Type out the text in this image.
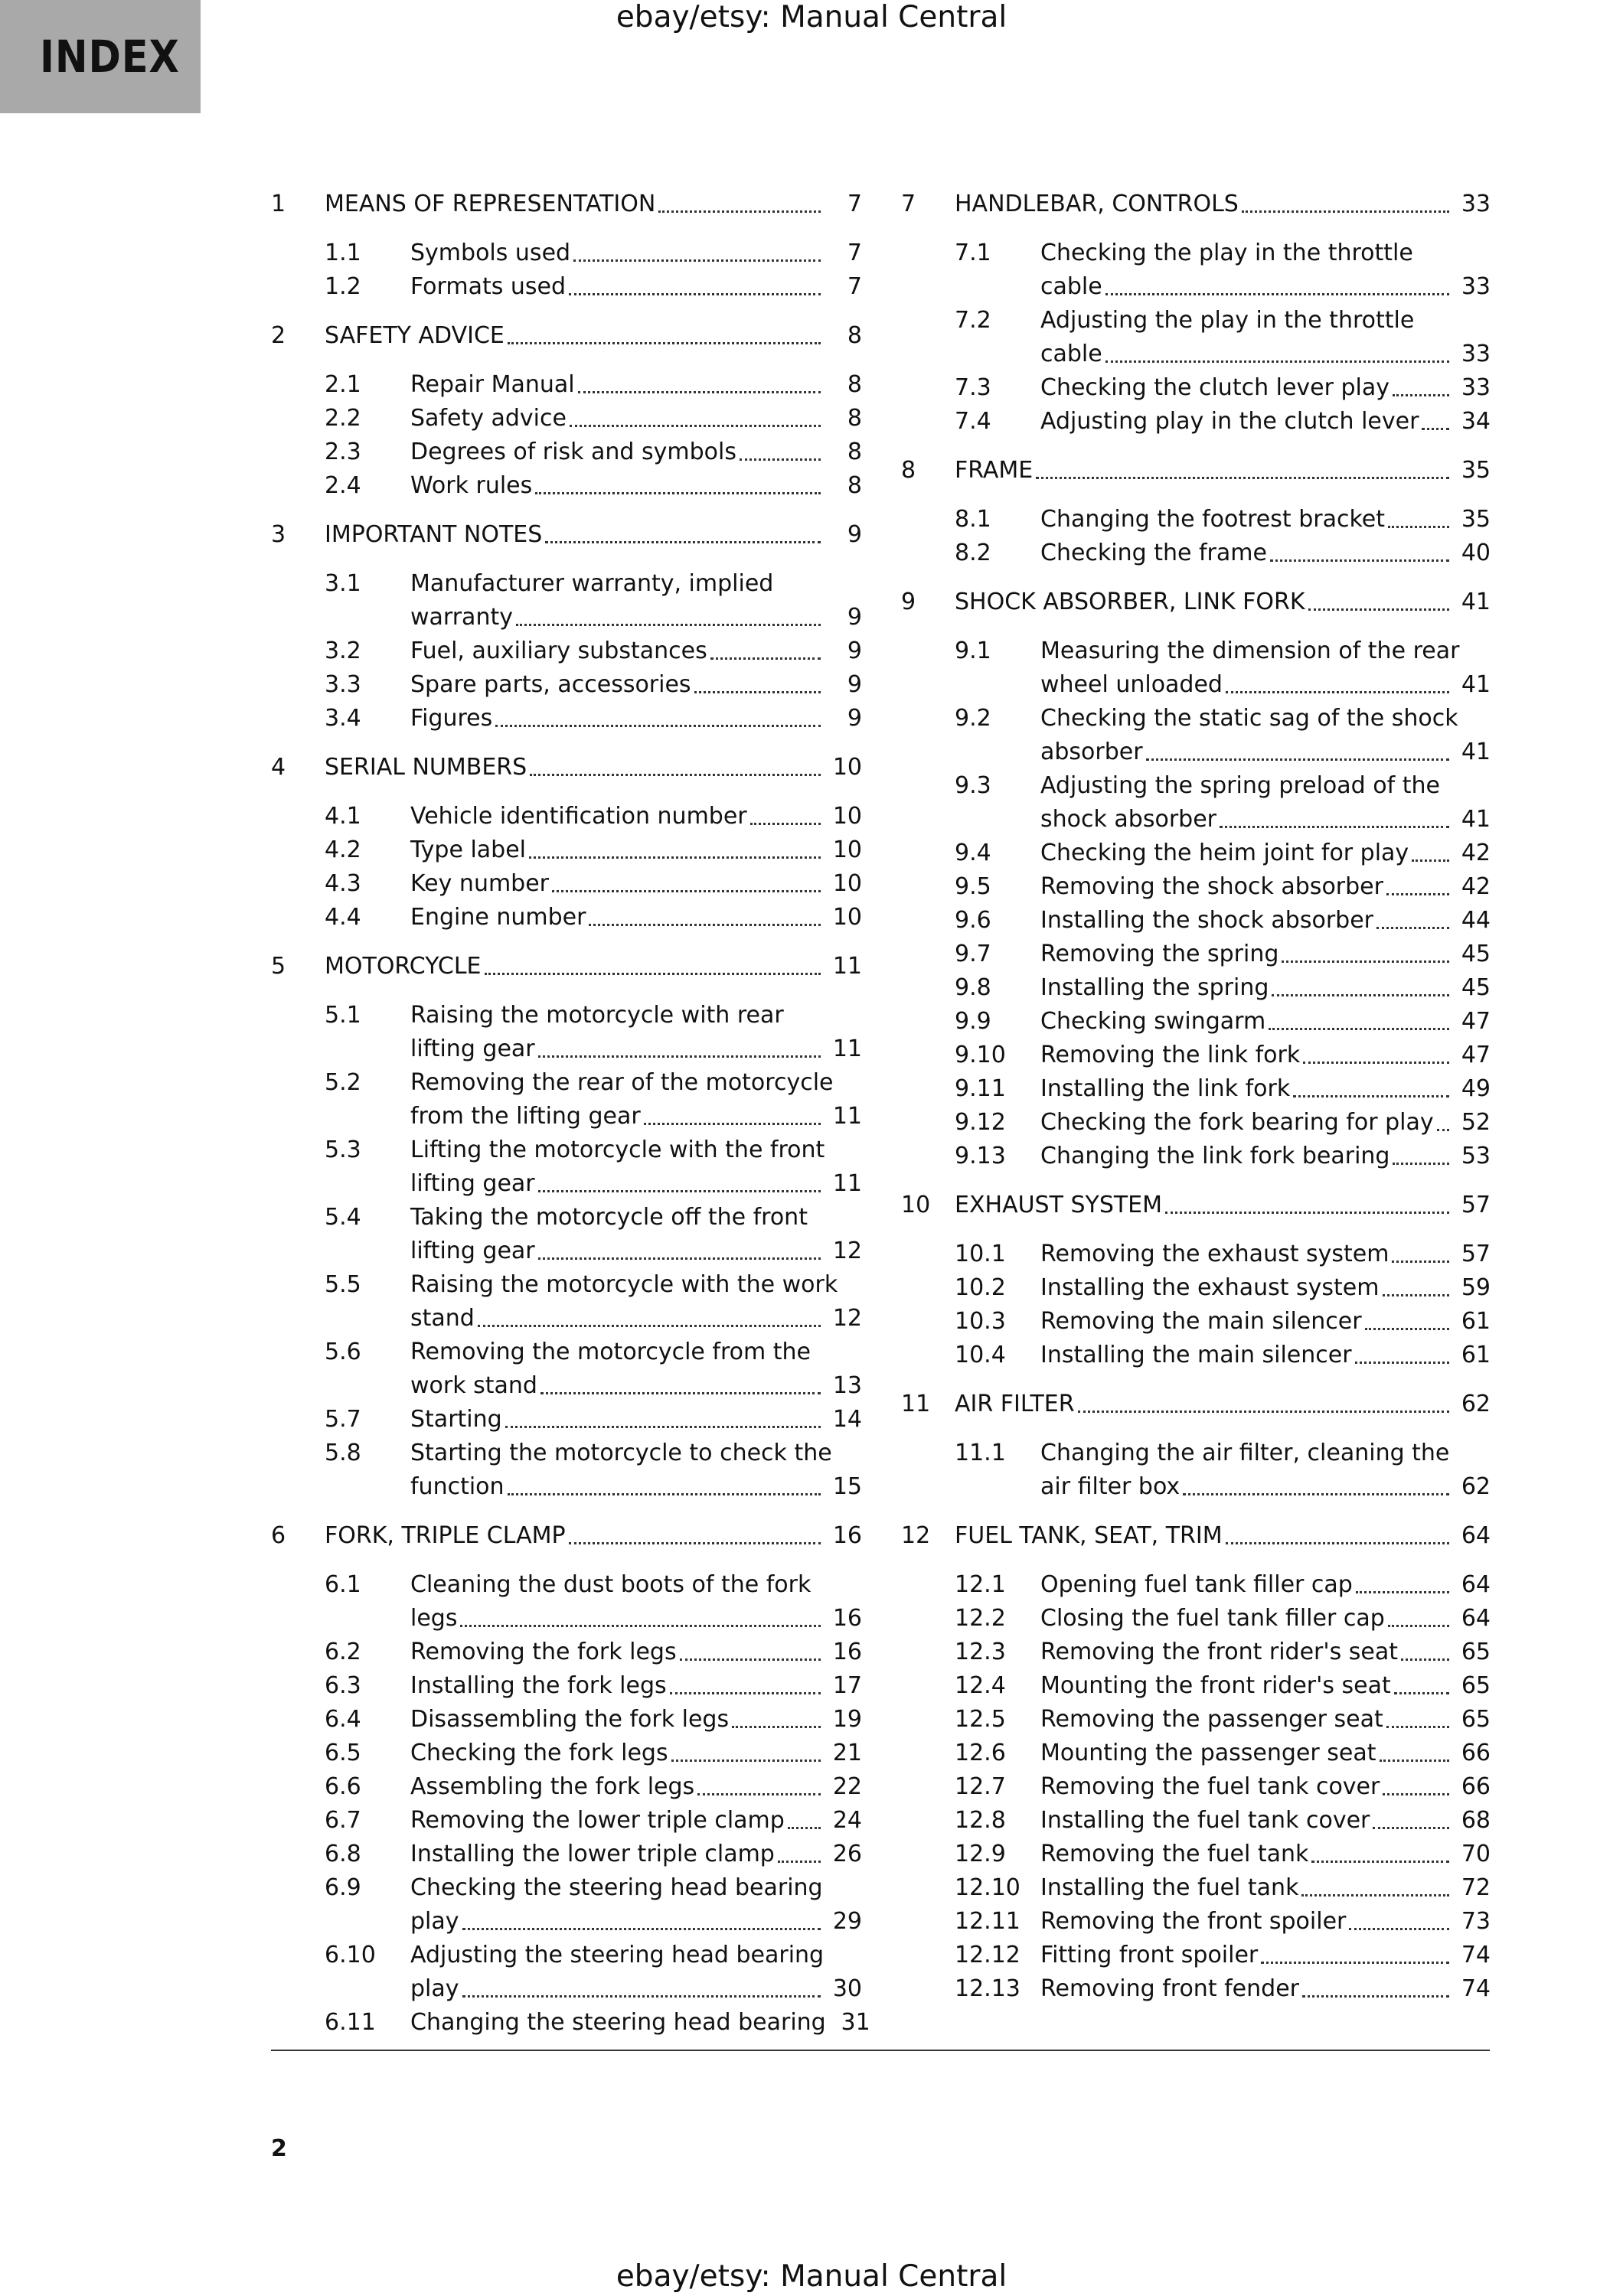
ebay/etsy: Manual Central
INDEX
1	MEANS OF REPRESENTATION	7
1.1	Symbols used	7
1.2	Formats used	7
2	SAFETY ADVICE	8
2.1	Repair Manual	8
2.2	Safety advice	8
2.3	Degrees of risk and symbols	8
2.4	Work rules	8
3	IMPORTANT NOTES	9
3.1	Manufacturer warranty, implied
warranty	9
3.2	Fuel, auxiliary substances	9
3.3	Spare parts, accessories	9
3.4	Figures	9
4	SERIAL NUMBERS	10
4.1	Vehicle identification number	10
4.2	Type label	10
4.3	Key number	10
4.4	Engine number	10
5	MOTORCYCLE	11
5.1	Raising the motorcycle with rear
lifting gear	11
5.2	Removing the rear of the motorcycle
from the lifting gear	11
5.3	Lifting the motorcycle with the front
lifting gear	11
5.4	Taking the motorcycle off the front
lifting gear	12
5.5	Raising the motorcycle with the work
stand	12
5.6	Removing the motorcycle from the
work stand	13
5.7	Starting	14
5.8	Starting the motorcycle to check the
function	15
6	FORK, TRIPLE CLAMP	16
6.1	Cleaning the dust boots of the fork
legs	16
6.2	Removing the fork legs	16
6.3	Installing the fork legs	17
6.4	Disassembling the fork legs	19
6.5	Checking the fork legs	21
6.6	Assembling the fork legs	22
6.7	Removing the lower triple clamp	24
6.8	Installing the lower triple clamp	26
6.9	Checking the steering head bearing
play	29
6.10	Adjusting the steering head bearing
play	30
6.11	Changing the steering head bearing 31
7	HANDLEBAR, CONTROLS	33
7.1	Checking the play in the throttle
cable	33
7.2	Adjusting the play in the throttle
cable	33
7.3	Checking the clutch lever play	33
7.4	Adjusting play in the clutch lever	34
8	FRAME	35
8.1	Changing the footrest bracket	35
8.2	Checking the frame	40
9	SHOCK ABSORBER, LINK FORK	41
9.1	Measuring the dimension of the rear
wheel unloaded	41
9.2	Checking the static sag of the shock
absorber	41
9.3	Adjusting the spring preload of the
shock absorber	41
9.4	Checking the heim joint for play	42
9.5	Removing the shock absorber	42
9.6	Installing the shock absorber	44
9.7	Removing the spring	45
9.8	Installing the spring	45
9.9	Checking swingarm	47
9.10	Removing the link fork	47
9.11	Installing the link fork	49
9.12	Checking the fork bearing for play	52
9.13	Changing the link fork bearing	53
10	EXHAUST SYSTEM	57
10.1	Removing the exhaust system	57
10.2	Installing the exhaust system	59
10.3	Removing the main silencer	61
10.4	Installing the main silencer	61
11	AIR FILTER	62
11.1	Changing the air filter, cleaning the
air filter box	62
12	FUEL TANK, SEAT, TRIM	64
12.1	Opening fuel tank filler cap	64
12.2	Closing the fuel tank filler cap	64
12.3	Removing the front rider's seat	65
12.4	Mounting the front rider's seat	65
12.5	Removing the passenger seat	65
12.6	Mounting the passenger seat	66
12.7	Removing the fuel tank cover	66
12.8	Installing the fuel tank cover	68
12.9	Removing the fuel tank	70
12.10 Installing the fuel tank	72
12.11 Removing the front spoiler	73
12.12 Fitting front spoiler	74
12.13 Removing front fender	74
2
ebay/etsy: Manual Central
